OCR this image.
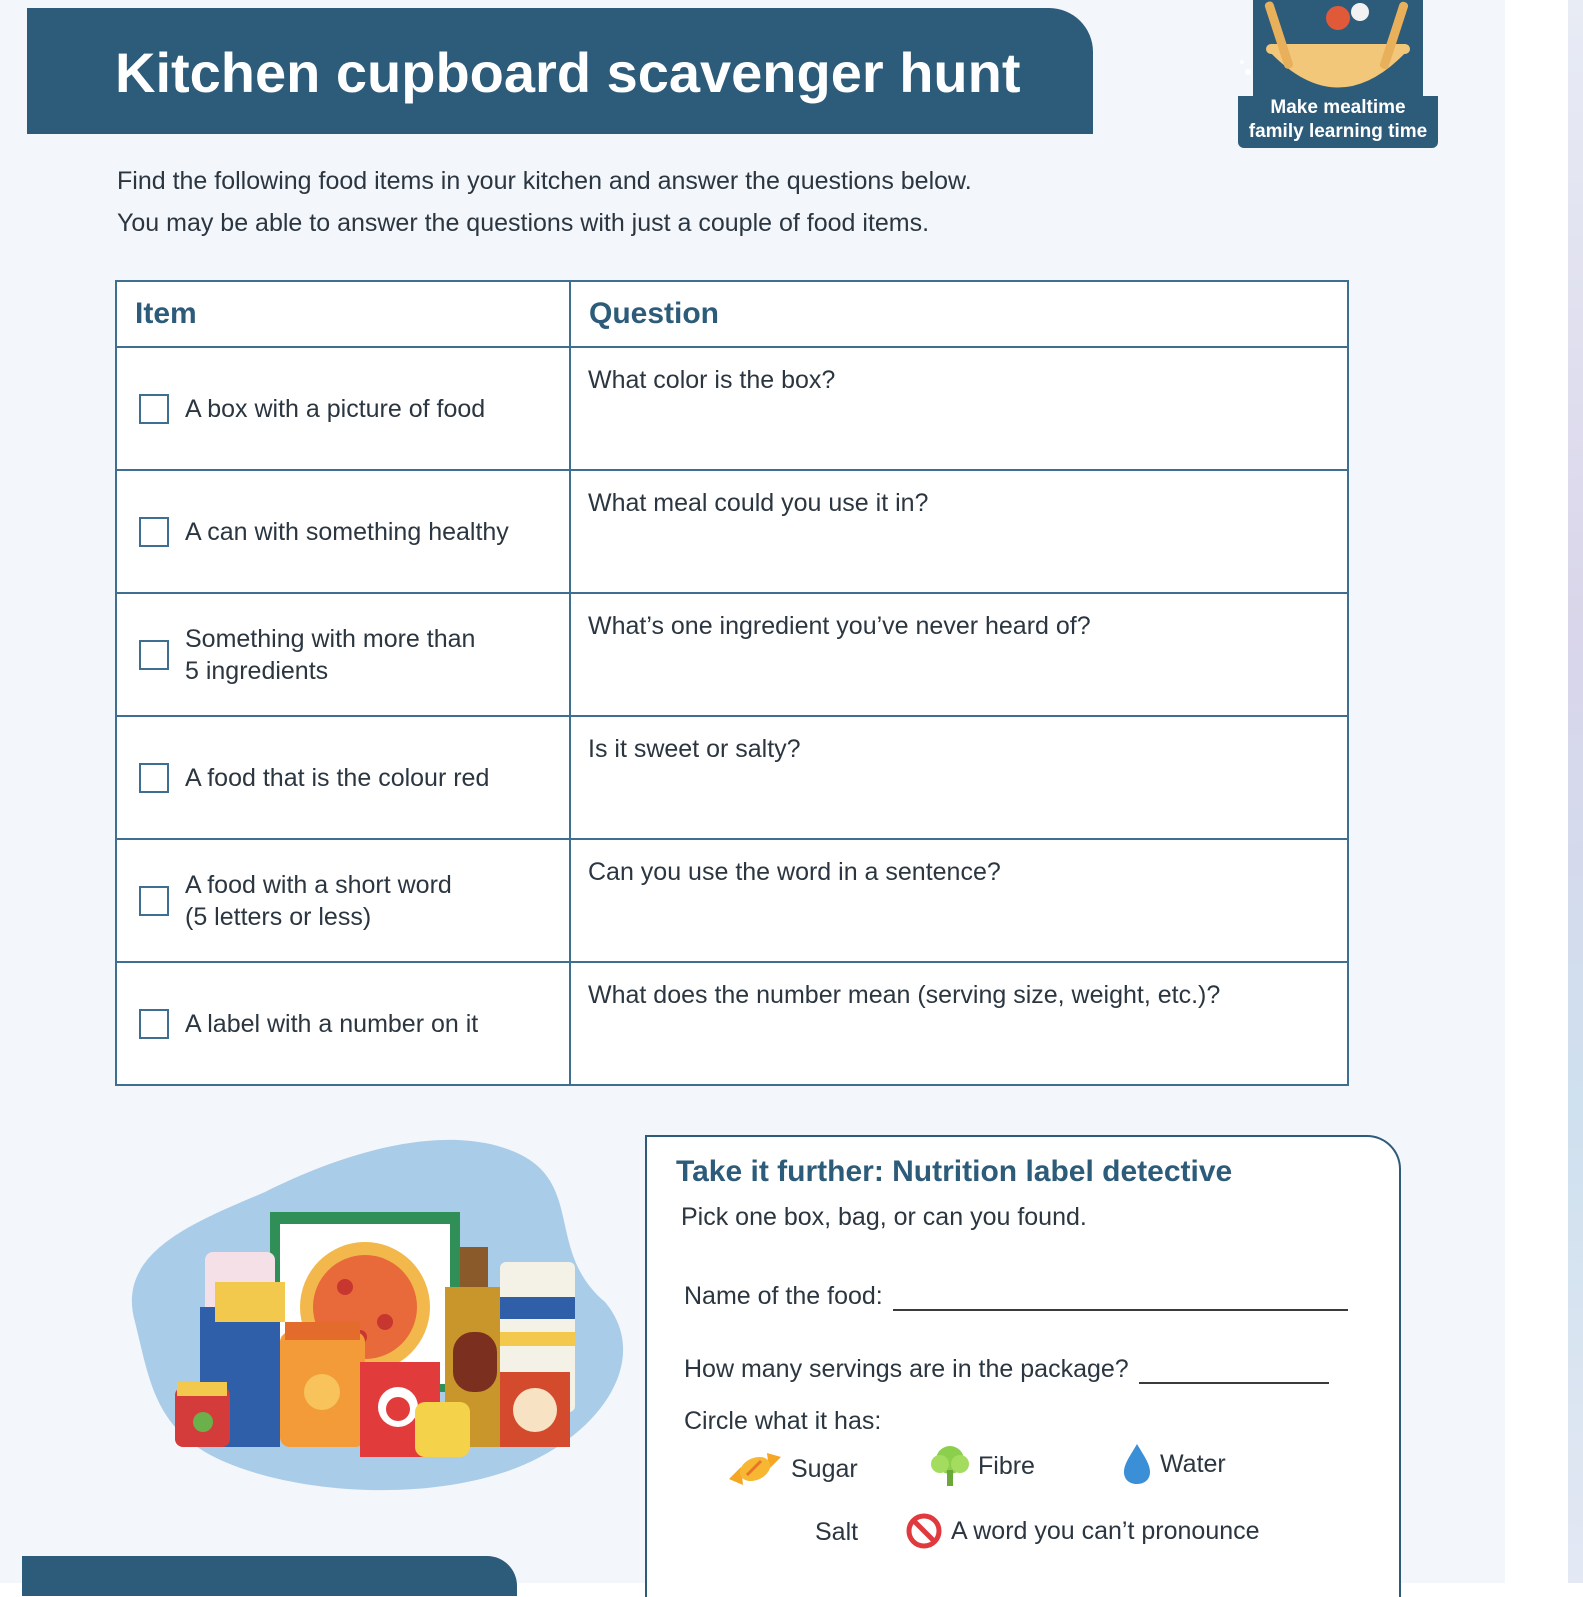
Kitchen cupboard scavenger hunt
Make mealtime
family learning time
Find the following food items in your kitchen and answer the questions below.
You may be able to answer the questions with just a couple of food items.
Item	Question

A box with a picture of food	What color is the box?

A can with something healthy	What meal could you use it in?

Something with more than
5 ingredients	What’s one ingredient you’ve never heard of?

A food that is the colour red	Is it sweet or salty?

A food with a short word
(5 letters or less)	Can you use the word in a sentence?

A label with a number on it	What does the number mean (serving size, weight, etc.)?
Take it further: Nutrition label detective
Pick one box, bag, or can you found.
Name of the food:
How many servings are in the package?
Circle what it has:
Sugar	Fibre	Water
Salt	A word you can’t pronounce
